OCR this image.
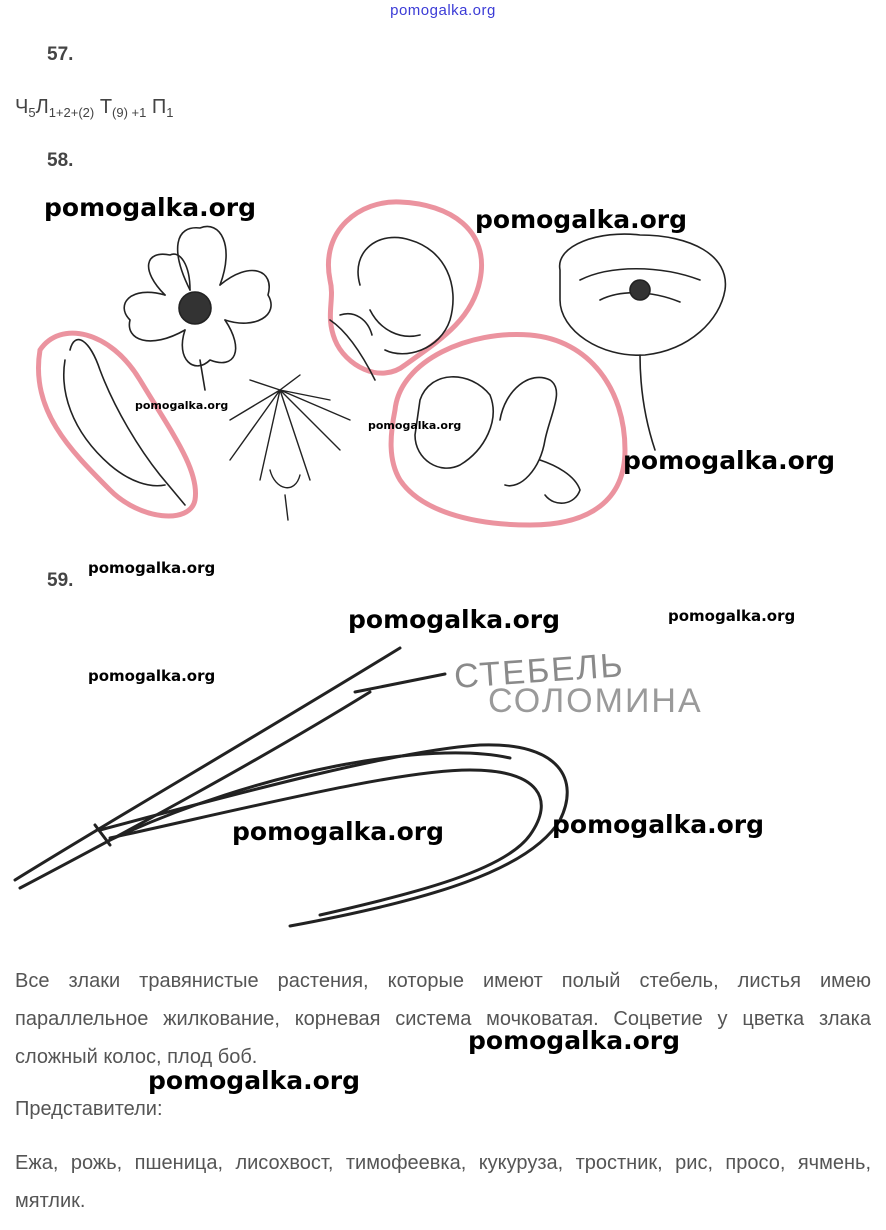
pomogalka.org
57.
$Ч_5Л_{1+2+(2)}$ $Т_{(9) +1}$ $П_1$
58.
59.
СТЕБЕЛЬ
СОЛОМИНА
Все злаки травянистые растения, которые имеют полый стебель, листья имею параллельное жилкование, корневая система мочковатая. Соцветие у цветка злака сложный колос, плод боб.
Представители:
Ежа, рожь, пшеница, лисохвост, тимофеевка, кукуруза, тростник, рис, просо, ячмень, мятлик.
pomogalka.org	pomogalka.org
pomogalka.org
pomogalka.org
pomogalka.org
pomogalka.org
pomogalka.org	pomogalka.org
pomogalka.org
pomogalka.org	pomogalka.org
pomogalka.org
pomogalka.org
